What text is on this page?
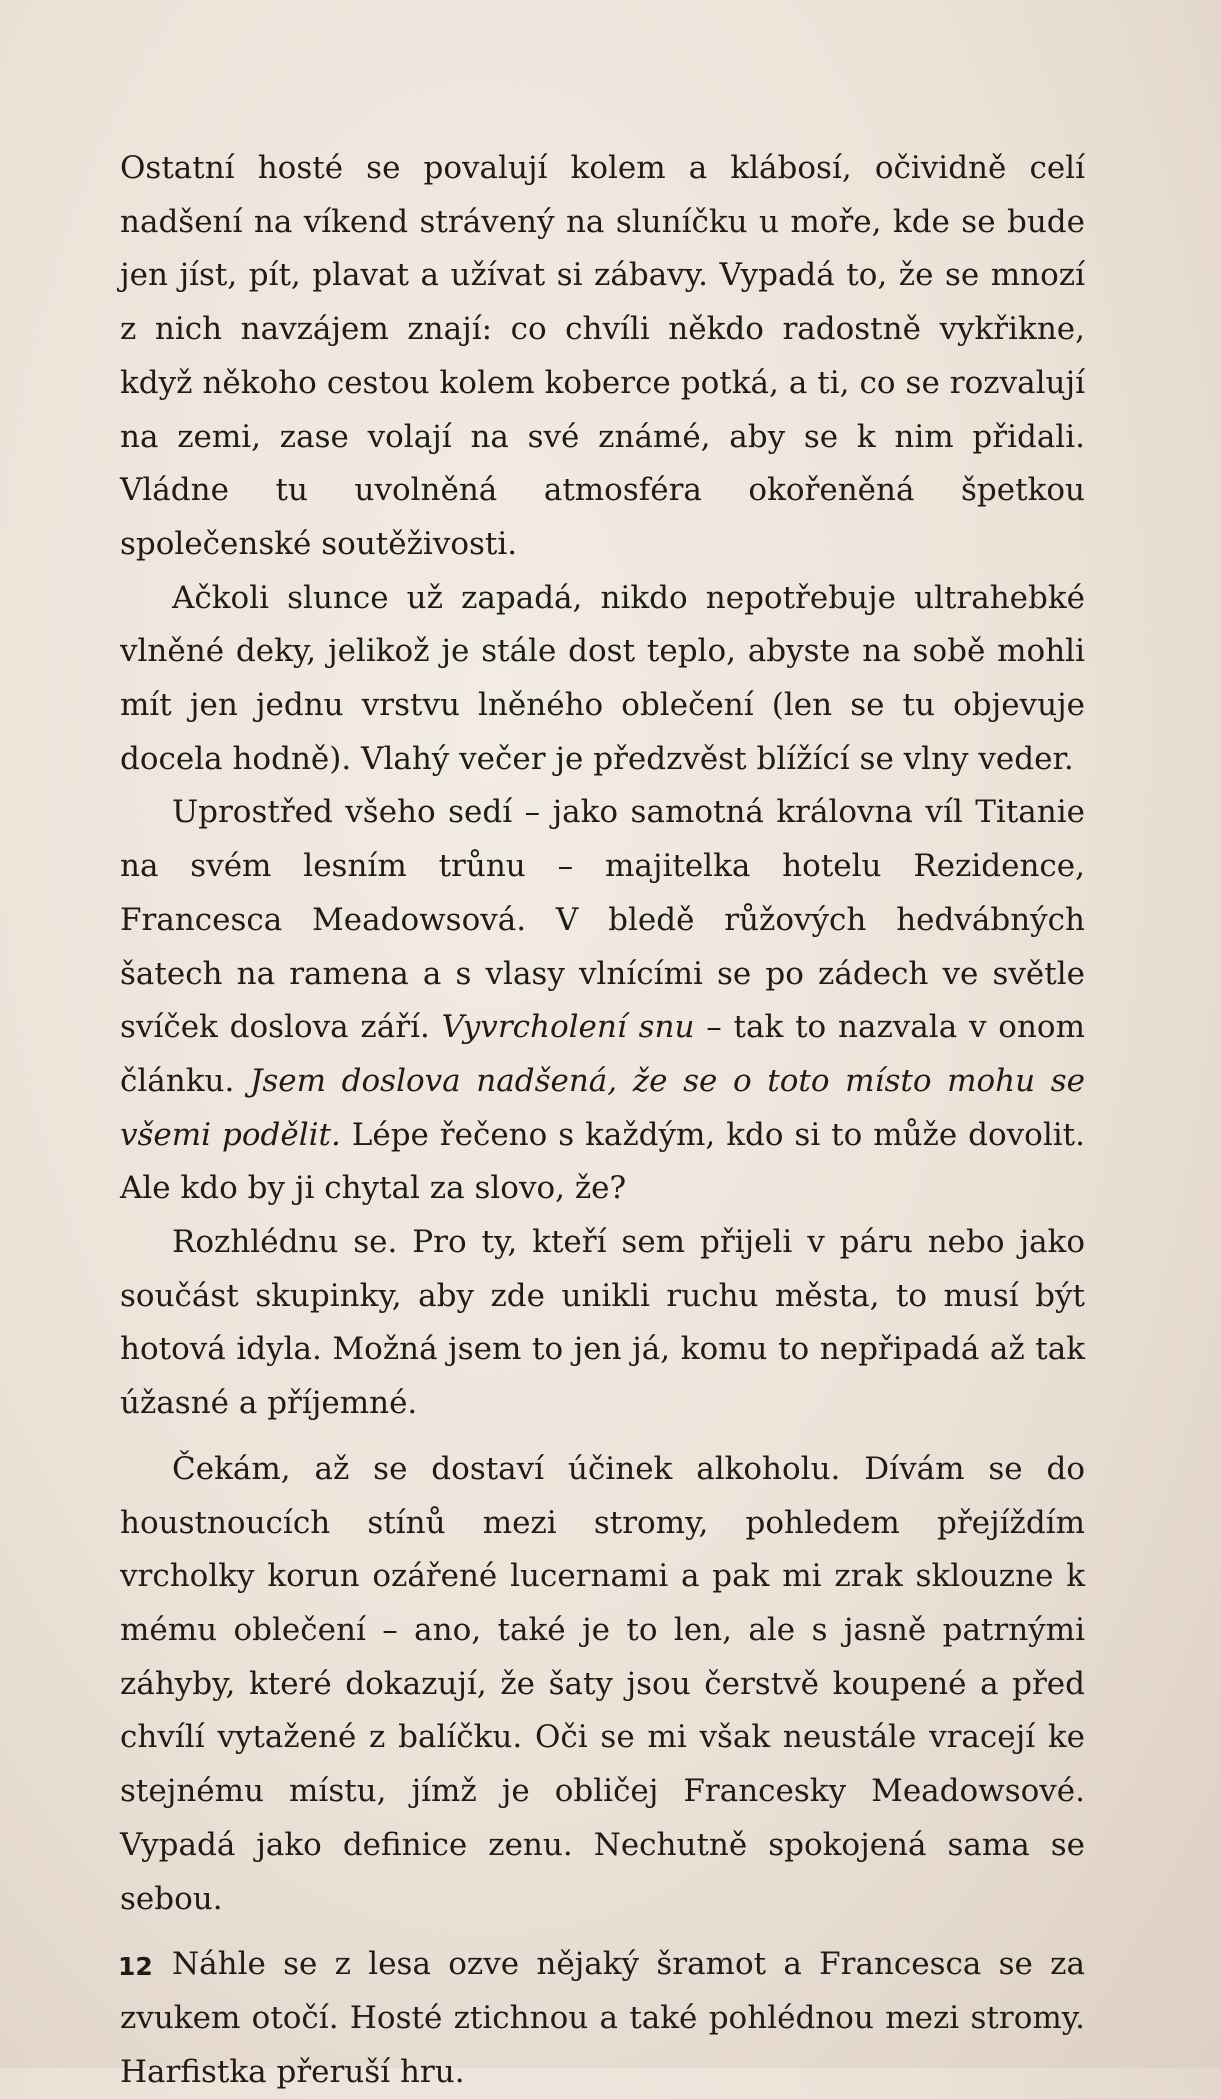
Ostatní hosté se povalují kolem a klábosí, očividně celí nadšení na víkend strávený na sluníčku u moře, kde se bude jen jíst, pít, plavat a užívat si zábavy. Vypadá to, že se mnozí z nich navzájem znají: co chvíli někdo radostně vykřikne, když někoho cestou kolem koberce potká, a ti, co se rozvalují na zemi, zase volají na své známé, aby se k nim přidali. Vládne tu uvolněná atmosféra okořeněná špetkou společenské soutěživosti.

Ačkoli slunce už zapadá, nikdo nepotřebuje ultrahebké vlněné deky, jelikož je stále dost teplo, abyste na sobě mohli mít jen jednu vrstvu lněného oblečení (len se tu objevuje docela hodně). Vlahý večer je předzvěst blížící se vlny veder.

Uprostřed všeho sedí – jako samotná královna víl Titanie na svém lesním trůnu – majitelka hotelu Rezidence, Francesca Meadowsová. V bledě růžových hedvábných šatech na ramena a s vlasy vlnícími se po zádech ve světle svíček doslova září. Vyvrcholení snu – tak to nazvala v onom článku. Jsem doslova nadšená, že se o toto místo mohu se všemi podělit. Lépe řečeno s každým, kdo si to může dovolit. Ale kdo by ji chytal za slovo, že?

Rozhlédnu se. Pro ty, kteří sem přijeli v páru nebo jako součást skupinky, aby zde unikli ruchu města, to musí být hotová idyla. Možná jsem to jen já, komu to nepřipadá až tak úžasné a příjemné.

Čekám, až se dostaví účinek alkoholu. Dívám se do houstnoucích stínů mezi stromy, pohledem přejíždím vrcholky korun ozářené lucernami a pak mi zrak sklouzne k mému oblečení – ano, také je to len, ale s jasně patrnými záhyby, které dokazují, že šaty jsou čerstvě koupené a před chvílí vytažené z balíčku. Oči se mi však neustále vracejí ke stejnému místu, jímž je obličej Francesky Meadowsové. Vypadá jako definice zenu. Nechutně spokojená sama se sebou.

Náhle se z lesa ozve nějaký šramot a Francesca se za zvukem otočí. Hosté ztichnou a také pohlédnou mezi stromy. Harfistka přeruší hru.

12
